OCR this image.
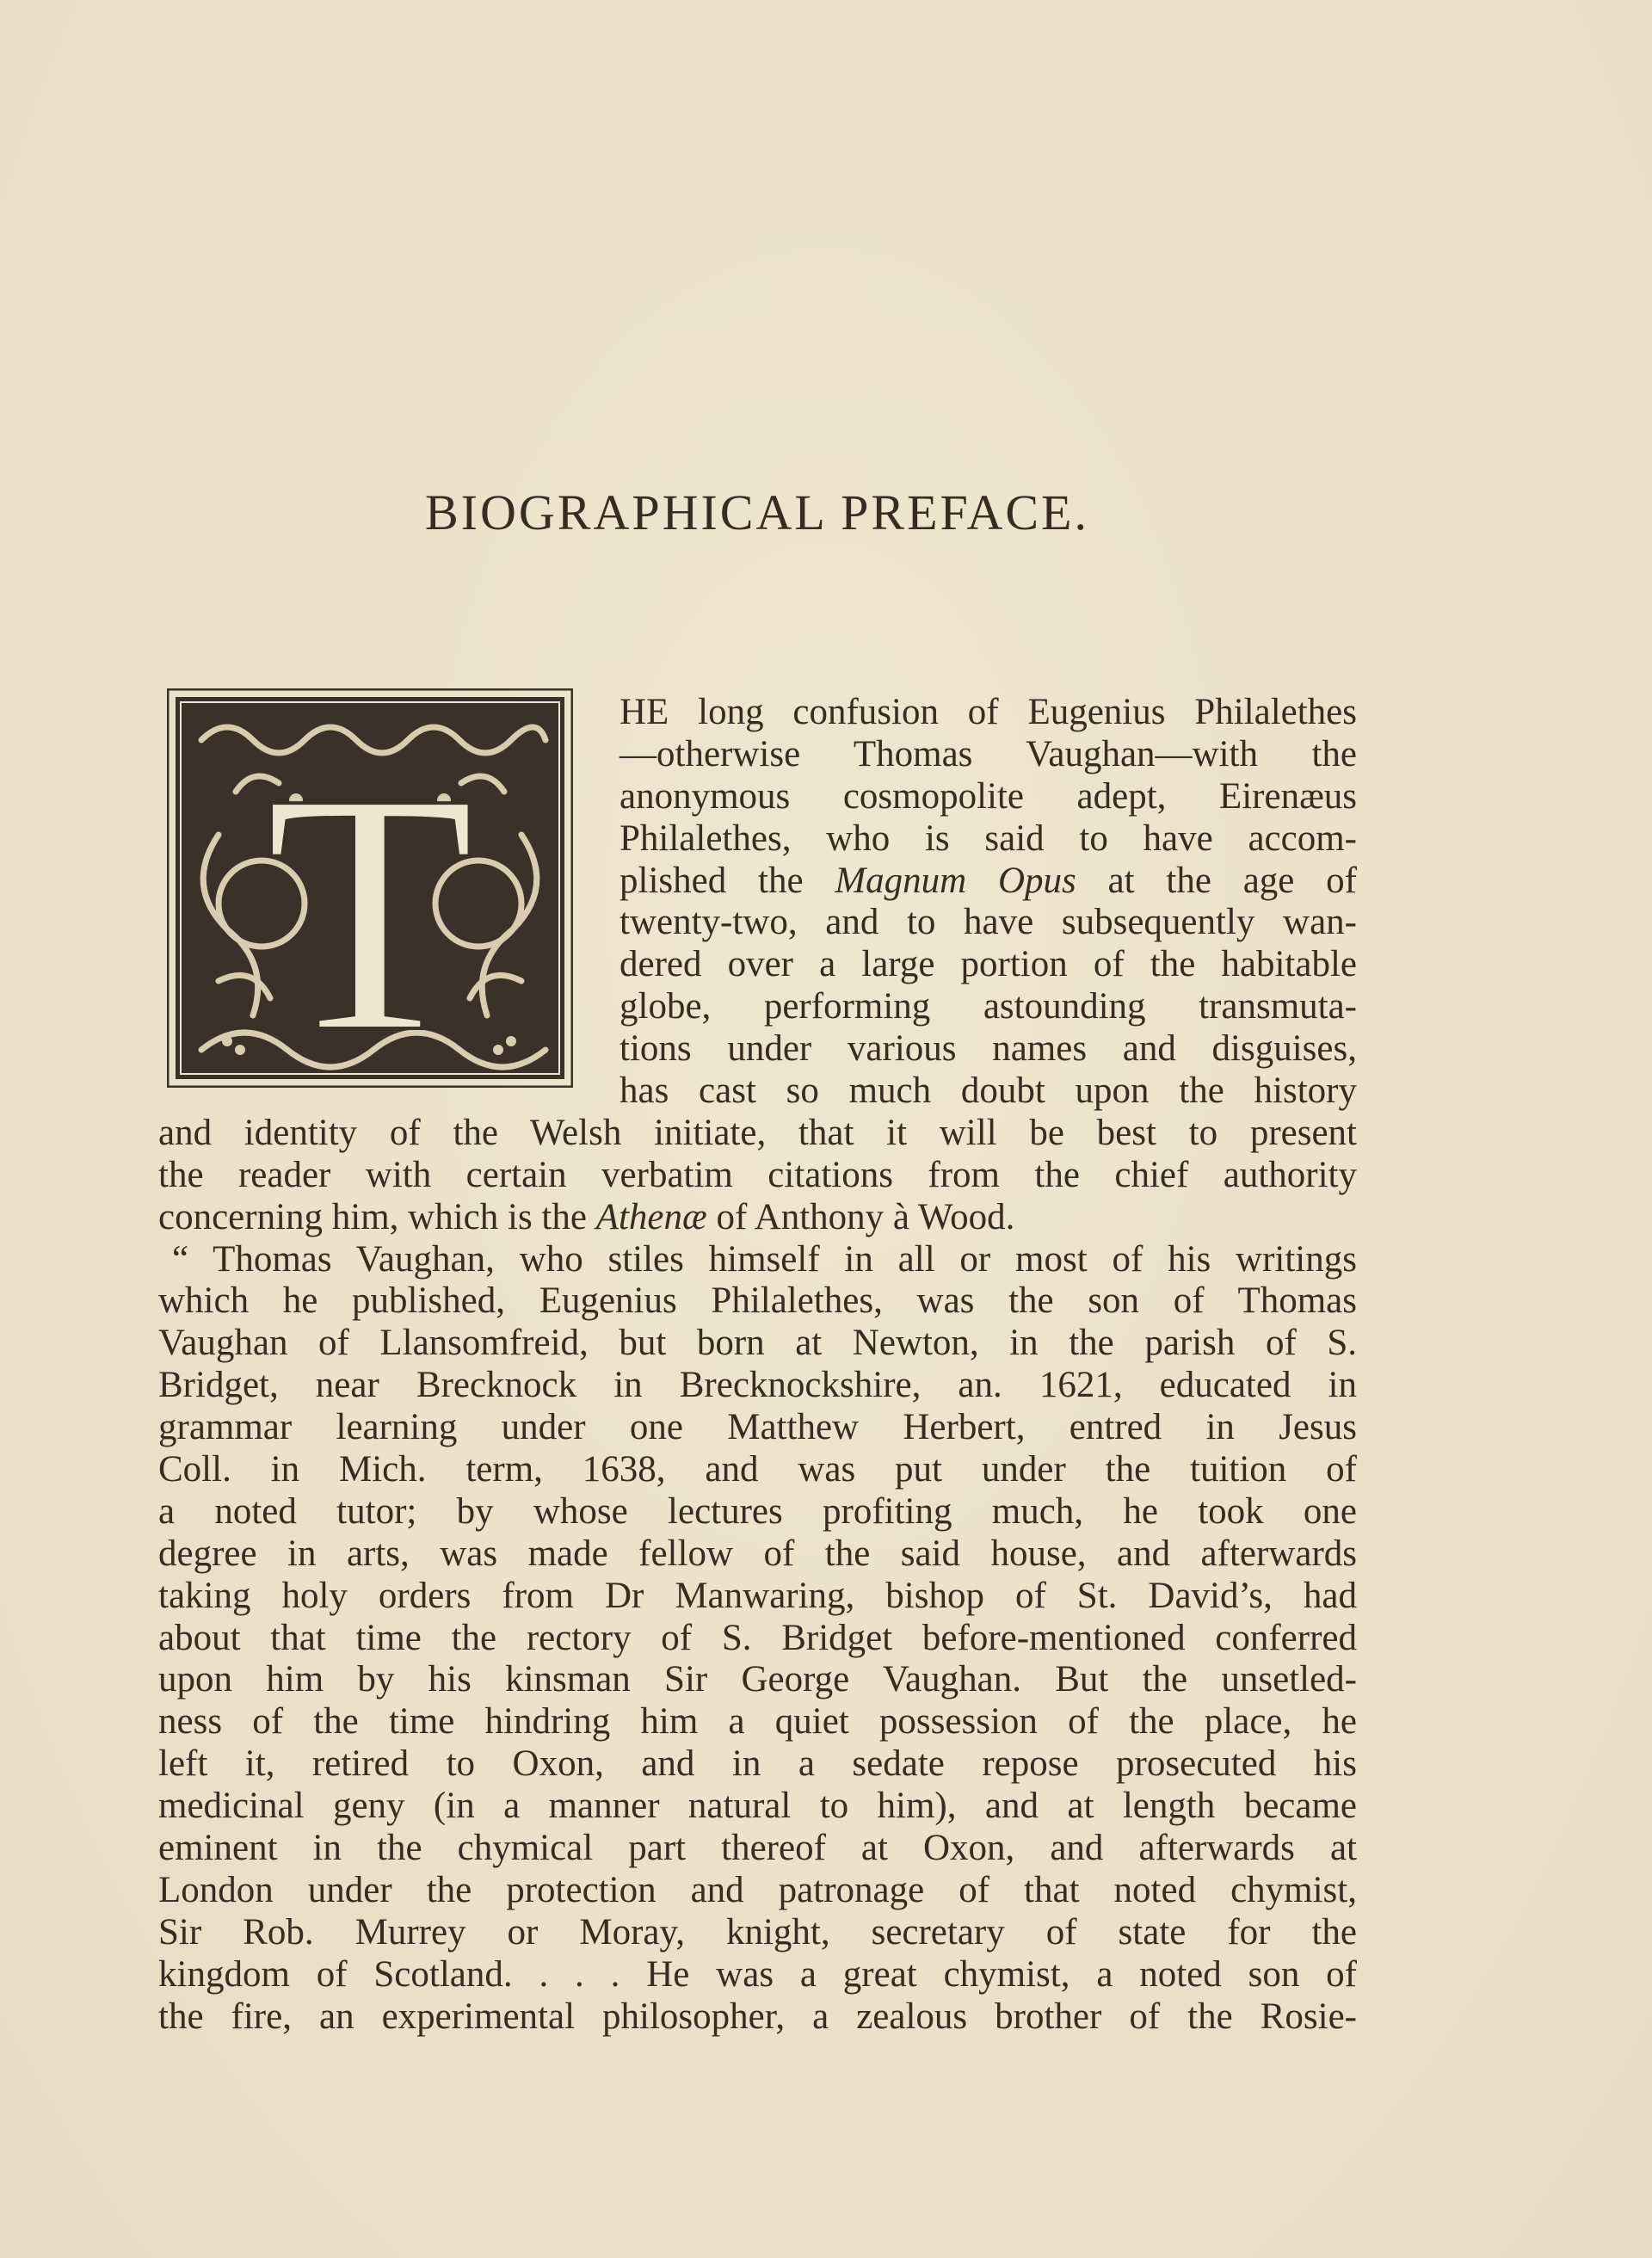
BIOGRAPHICAL PREFACE.
T
HE long confusion of Eugenius Philalethes
—otherwise Thomas Vaughan—with the
anonymous cosmopolite adept, Eirenæus
Philalethes, who is said to have accom-
plished the Magnum Opus at the age of
twenty-two, and to have subsequently wan-
dered over a large portion of the habitable
globe, performing astounding transmuta-
tions under various names and disguises,
has cast so much doubt upon the history
and identity of the Welsh initiate, that it will be best to present
the reader with certain verbatim citations from the chief authority
concerning him, which is the Athenæ of Anthony à Wood.
“ Thomas Vaughan, who stiles himself in all or most of his writings
which he published, Eugenius Philalethes, was the son of Thomas
Vaughan of Llansomfreid, but born at Newton, in the parish of S.
Bridget, near Brecknock in Brecknockshire, an. 1621, educated in
grammar learning under one Matthew Herbert, entred in Jesus
Coll. in Mich. term, 1638, and was put under the tuition of
a noted tutor; by whose lectures profiting much, he took one
degree in arts, was made fellow of the said house, and afterwards
taking holy orders from Dr Manwaring, bishop of St. David’s, had
about that time the rectory of S. Bridget before-mentioned conferred
upon him by his kinsman Sir George Vaughan. But the unsetled-
ness of the time hindring him a quiet possession of the place, he
left it, retired to Oxon, and in a sedate repose prosecuted his
medicinal geny (in a manner natural to him), and at length became
eminent in the chymical part thereof at Oxon, and afterwards at
London under the protection and patronage of that noted chymist,
Sir Rob. Murrey or Moray, knight, secretary of state for the
kingdom of Scotland. . . . He was a great chymist, a noted son of
the fire, an experimental philosopher, a zealous brother of the Rosie-
